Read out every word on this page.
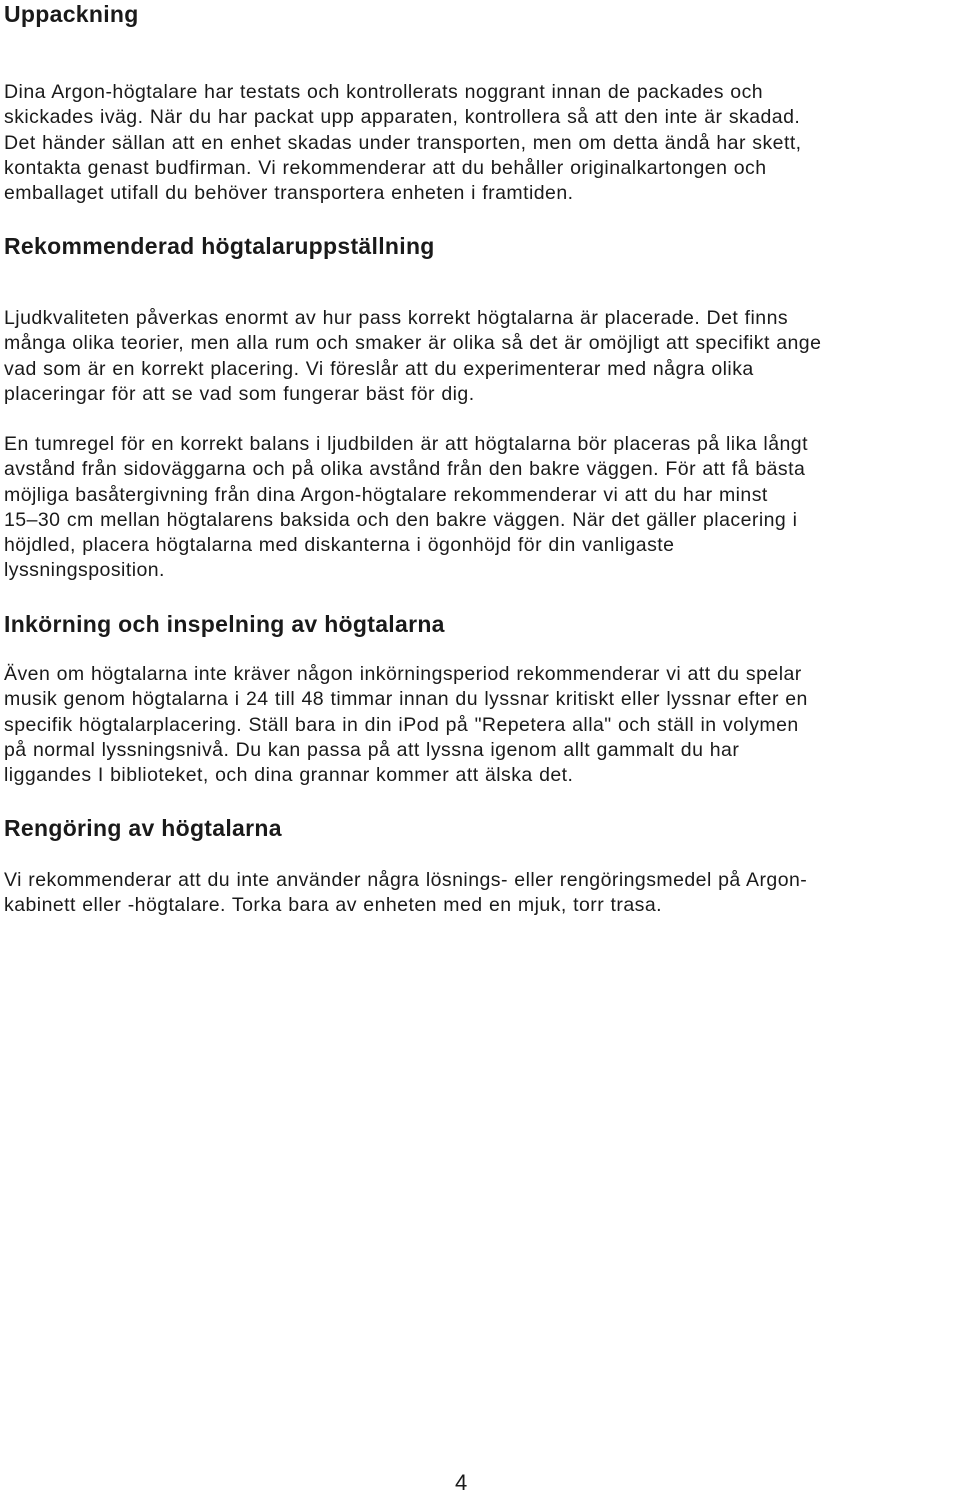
Uppackning

Dina Argon-högtalare har testats och kontrollerats noggrant innan de packades och
skickades iväg. När du har packat upp apparaten, kontrollera så att den inte är skadad.
Det händer sällan att en enhet skadas under transporten, men om detta ändå har skett,
kontakta genast budfirman. Vi rekommenderar att du behåller originalkartongen och
emballaget utifall du behöver transportera enheten i framtiden.

Rekommenderad högtalaruppställning

Ljudkvaliteten påverkas enormt av hur pass korrekt högtalarna är placerade. Det finns
många olika teorier, men alla rum och smaker är olika så det är omöjligt att specifikt ange
vad som är en korrekt placering. Vi föreslår att du experimenterar med några olika
placeringar för att se vad som fungerar bäst för dig.

En tumregel för en korrekt balans i ljudbilden är att högtalarna bör placeras på lika långt
avstånd från sidoväggarna och på olika avstånd från den bakre väggen. För att få bästa
möjliga basåtergivning från dina Argon-högtalare rekommenderar vi att du har minst
15–30 cm mellan högtalarens baksida och den bakre väggen. När det gäller placering i
höjdled, placera högtalarna med diskanterna i ögonhöjd för din vanligaste
lyssningsposition.

Inkörning och inspelning av högtalarna

Även om högtalarna inte kräver någon inkörningsperiod rekommenderar vi att du spelar
musik genom högtalarna i 24 till 48 timmar innan du lyssnar kritiskt eller lyssnar efter en
specifik högtalarplacering. Ställ bara in din iPod på "Repetera alla" och ställ in volymen
på normal lyssningsnivå. Du kan passa på att lyssna igenom allt gammalt du har
liggandes I biblioteket, och dina grannar kommer att älska det.

Rengöring av högtalarna

Vi rekommenderar att du inte använder några lösnings- eller rengöringsmedel på Argon-
kabinett eller -högtalare. Torka bara av enheten med en mjuk, torr trasa.

4
